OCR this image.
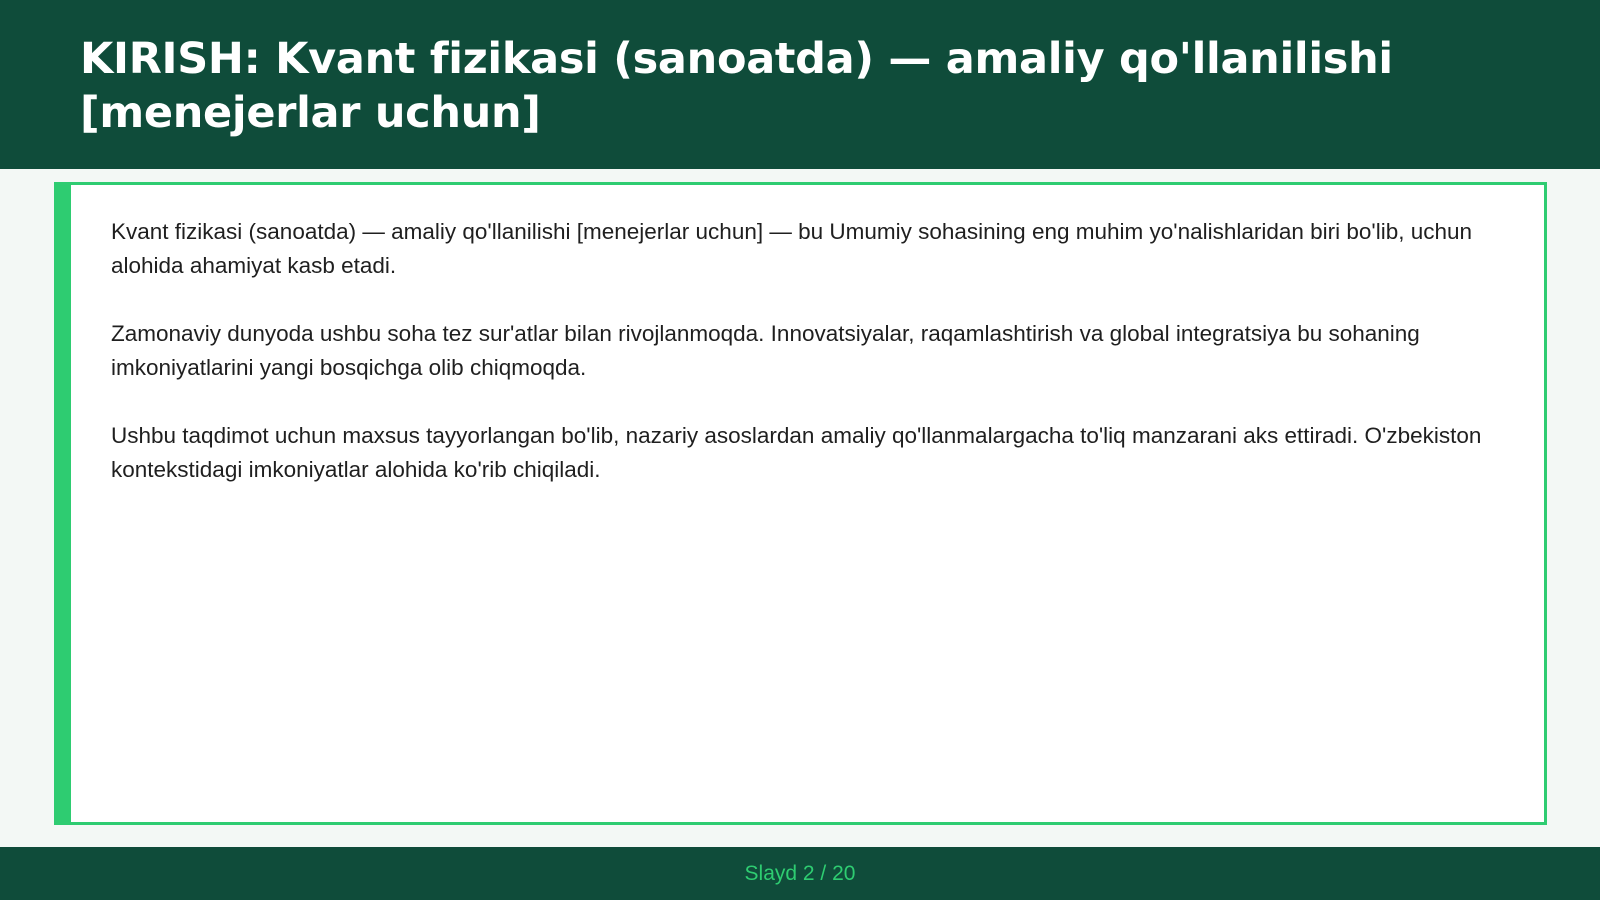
KIRISH: Kvant fizikasi (sanoatda) — amaliy qo'llanilishi [menejerlar uchun]

Kvant fizikasi (sanoatda) — amaliy qo'llanilishi [menejerlar uchun] — bu Umumiy sohasining eng muhim yo'nalishlaridan biri bo'lib, uchun alohida ahamiyat kasb etadi.

Zamonaviy dunyoda ushbu soha tez sur'atlar bilan rivojlanmoqda. Innovatsiyalar, raqamlashtirish va global integratsiya bu sohaning imkoniyatlarini yangi bosqichga olib chiqmoqda.

Ushbu taqdimot uchun maxsus tayyorlangan bo'lib, nazariy asoslardan amaliy qo'llanmalargacha to'liq manzarani aks ettiradi. O'zbekiston kontekstidagi imkoniyatlar alohida ko'rib chiqiladi.

Slayd 2 / 20
